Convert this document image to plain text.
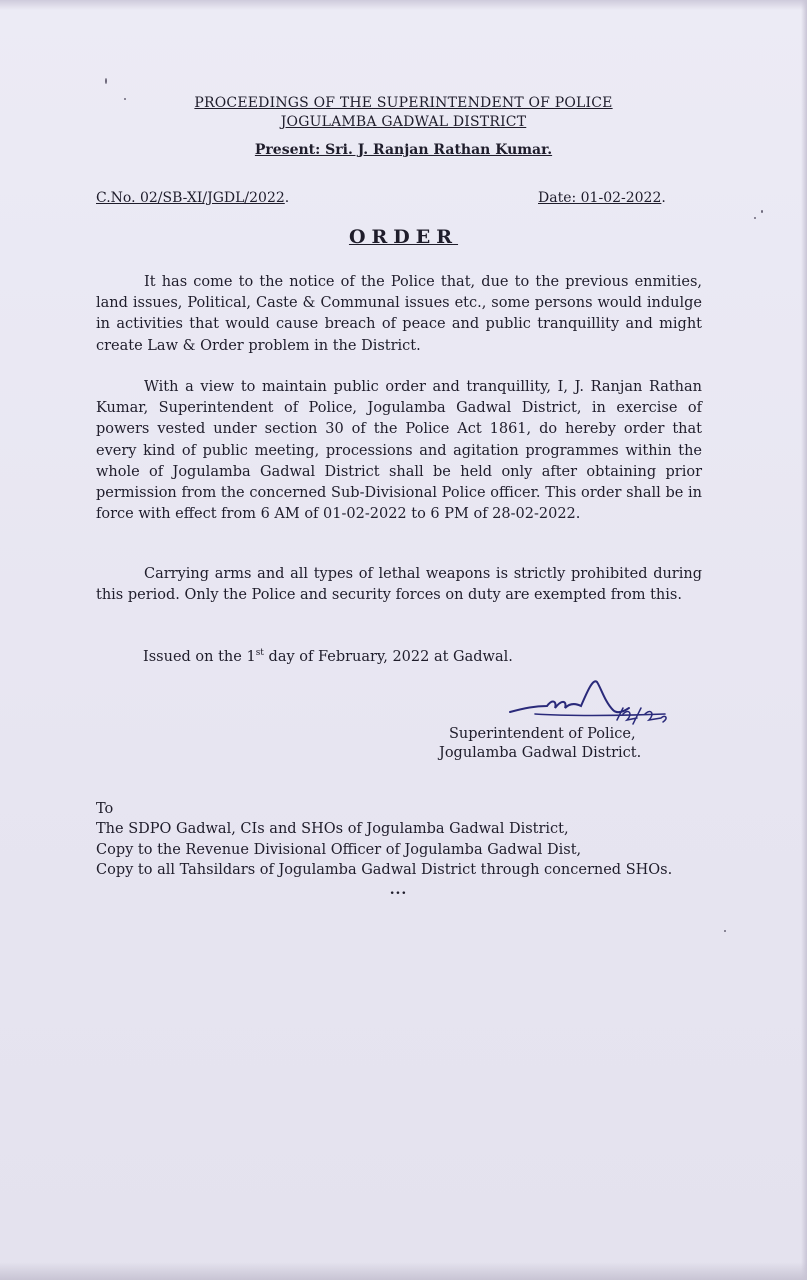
PROCEEDINGS OF THE SUPERINTENDENT OF POLICE
JOGULAMBA GADWAL DISTRICT
Present: Sri. J. Ranjan Rathan Kumar.
C.No. 02/SB-XI/JGDL/2022.	Date: 01-02-2022.
ORDER

It has come to the notice of the Police that, due to the previous enmities, land issues, Political, Caste & Communal issues etc., some persons would indulge in activities that would cause breach of peace and public tranquillity and might create Law & Order problem in the District.

With a view to maintain public order and tranquillity, I, J. Ranjan Rathan Kumar, Superintendent of Police, Jogulamba Gadwal District, in exercise of powers vested under section 30 of the Police Act 1861, do hereby order that every kind of public meeting, processions and agitation programmes within the whole of Jogulamba Gadwal District shall be held only after obtaining prior permission from the concerned Sub-Divisional Police officer. This order shall be in force with effect from 6 AM of 01-02-2022 to 6 PM of 28-02-2022.

Carrying arms and all types of lethal weapons is strictly prohibited during this period. Only the Police and security forces on duty are exempted from this.

Issued on the 1st day of February, 2022 at Gadwal.
Superintendent of Police,
Jogulamba Gadwal District.
To
The SDPO Gadwal, CIs and SHOs of Jogulamba Gadwal District,
Copy to the Revenue Divisional Officer of Jogulamba Gadwal Dist,
Copy to all Tahsildars of Jogulamba Gadwal District through concerned SHOs.
...
